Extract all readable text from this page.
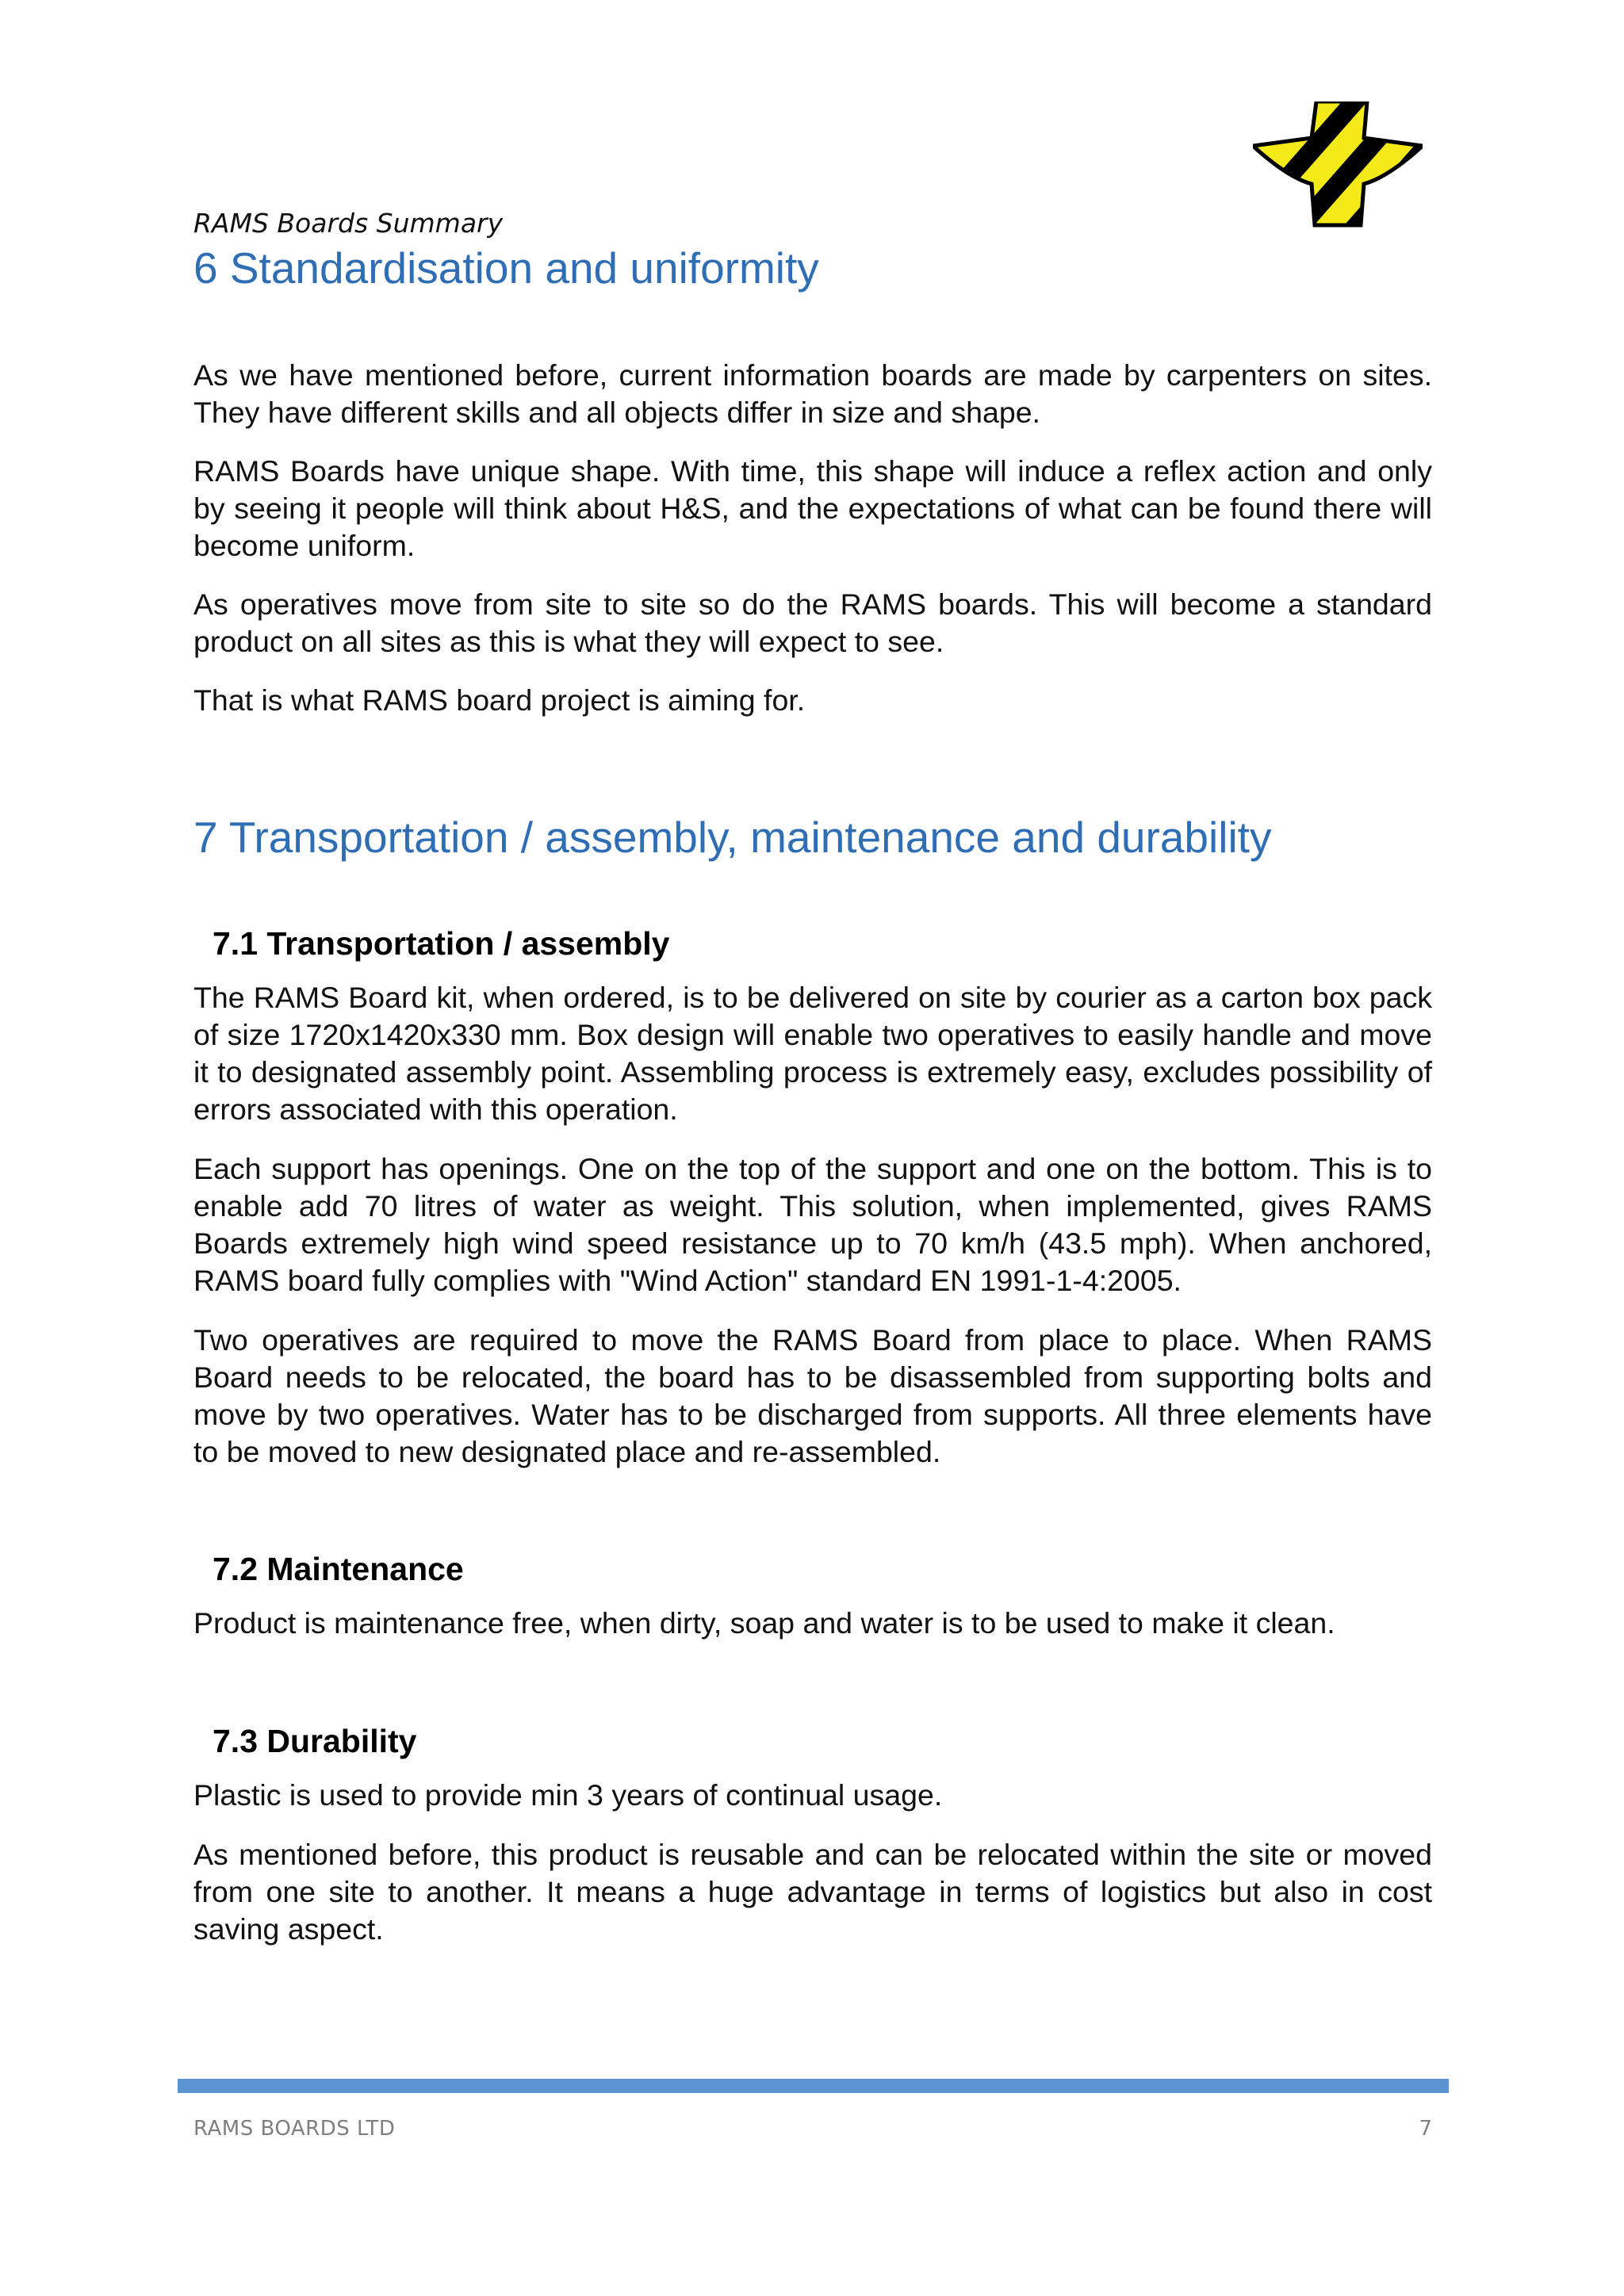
RAMS Boards Summary
6 Standardisation and uniformity

As we have mentioned before, current information boards are made by carpenters on sites. They have different skills and all objects differ in size and shape.

RAMS Boards have unique shape. With time, this shape will induce a reflex action and only by seeing it people will think about H&S, and the expectations of what can be found there will become uniform.

As operatives move from site to site so do the RAMS boards. This will become a standard product on all sites as this is what they will expect to see.

That is what RAMS board project is aiming for.

7 Transportation / assembly, maintenance and durability
7.1 Transportation / assembly

The RAMS Board kit, when ordered, is to be delivered on site by courier as a carton box pack of size 1720x1420x330 mm. Box design will enable two operatives to easily handle and move it to designated assembly point. Assembling process is extremely easy, excludes possibility of errors associated with this operation.

Each support has openings. One on the top of the support and one on the bottom. This is to enable add 70 litres of water as weight. This solution, when implemented, gives RAMS Boards extremely high wind speed resistance up to 70 km/h (43.5 mph). When anchored, RAMS board fully complies with "Wind Action" standard EN 1991-1-4:2005.

Two operatives are required to move the RAMS Board from place to place. When RAMS Board needs to be relocated, the board has to be disassembled from supporting bolts and move by two operatives. Water has to be discharged from supports. All three elements have to be moved to new designated place and re-assembled.

7.2 Maintenance

Product is maintenance free, when dirty, soap and water is to be used to make it clean.

7.3 Durability

Plastic is used to provide min 3 years of continual usage.

As mentioned before, this product is reusable and can be relocated within the site or moved from one site to another. It means a huge advantage in terms of logistics but also in cost saving aspect.

RAMS BOARDS LTD	7
